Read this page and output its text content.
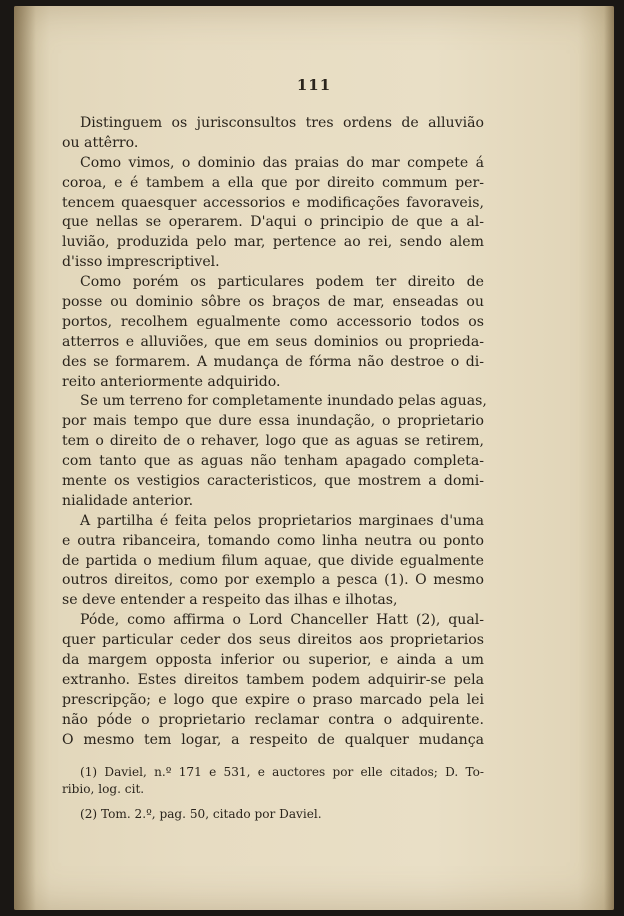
111
Distinguem os jurisconsultos tres ordens de alluvião
ou attêrro.
Como vimos, o dominio das praias do mar compete á
coroa, e é tambem a ella que por direito commum per-
tencem quaesquer accessorios e modificações favoraveis,
que nellas se operarem. D'aqui o principio de que a al-
luvião, produzida pelo mar, pertence ao rei, sendo alem
d'isso imprescriptivel.
Como porém os particulares podem ter direito de
posse ou dominio sôbre os braços de mar, enseadas ou
portos, recolhem egualmente como accessorio todos os
atterros e alluviões, que em seus dominios ou proprieda-
des se formarem. A mudança de fórma não destroe o di-
reito anteriormente adquirido.
Se um terreno for completamente inundado pelas aguas,
por mais tempo que dure essa inundação, o proprietario
tem o direito de o rehaver, logo que as aguas se retirem,
com tanto que as aguas não tenham apagado completa-
mente os vestigios caracteristicos, que mostrem a domi-
nialidade anterior.
A partilha é feita pelos proprietarios marginaes d'uma
e outra ribanceira, tomando como linha neutra ou ponto
de partida o medium filum aquae, que divide egualmente
outros direitos, como por exemplo a pesca (1). O mesmo
se deve entender a respeito das ilhas e ilhotas,
Póde, como affirma o Lord Chanceller Hatt (2), qual-
quer particular ceder dos seus direitos aos proprietarios
da margem opposta inferior ou superior, e ainda a um
extranho. Estes direitos tambem podem adquirir-se pela
prescripção; e logo que expire o praso marcado pela lei
não póde o proprietario reclamar contra o adquirente.
O mesmo tem logar, a respeito de qualquer mudança
(1) Daviel, n.º 171 e 531, e auctores por elle citados; D. To-
ribio, log. cit.
(2) Tom. 2.º, pag. 50, citado por Daviel.
